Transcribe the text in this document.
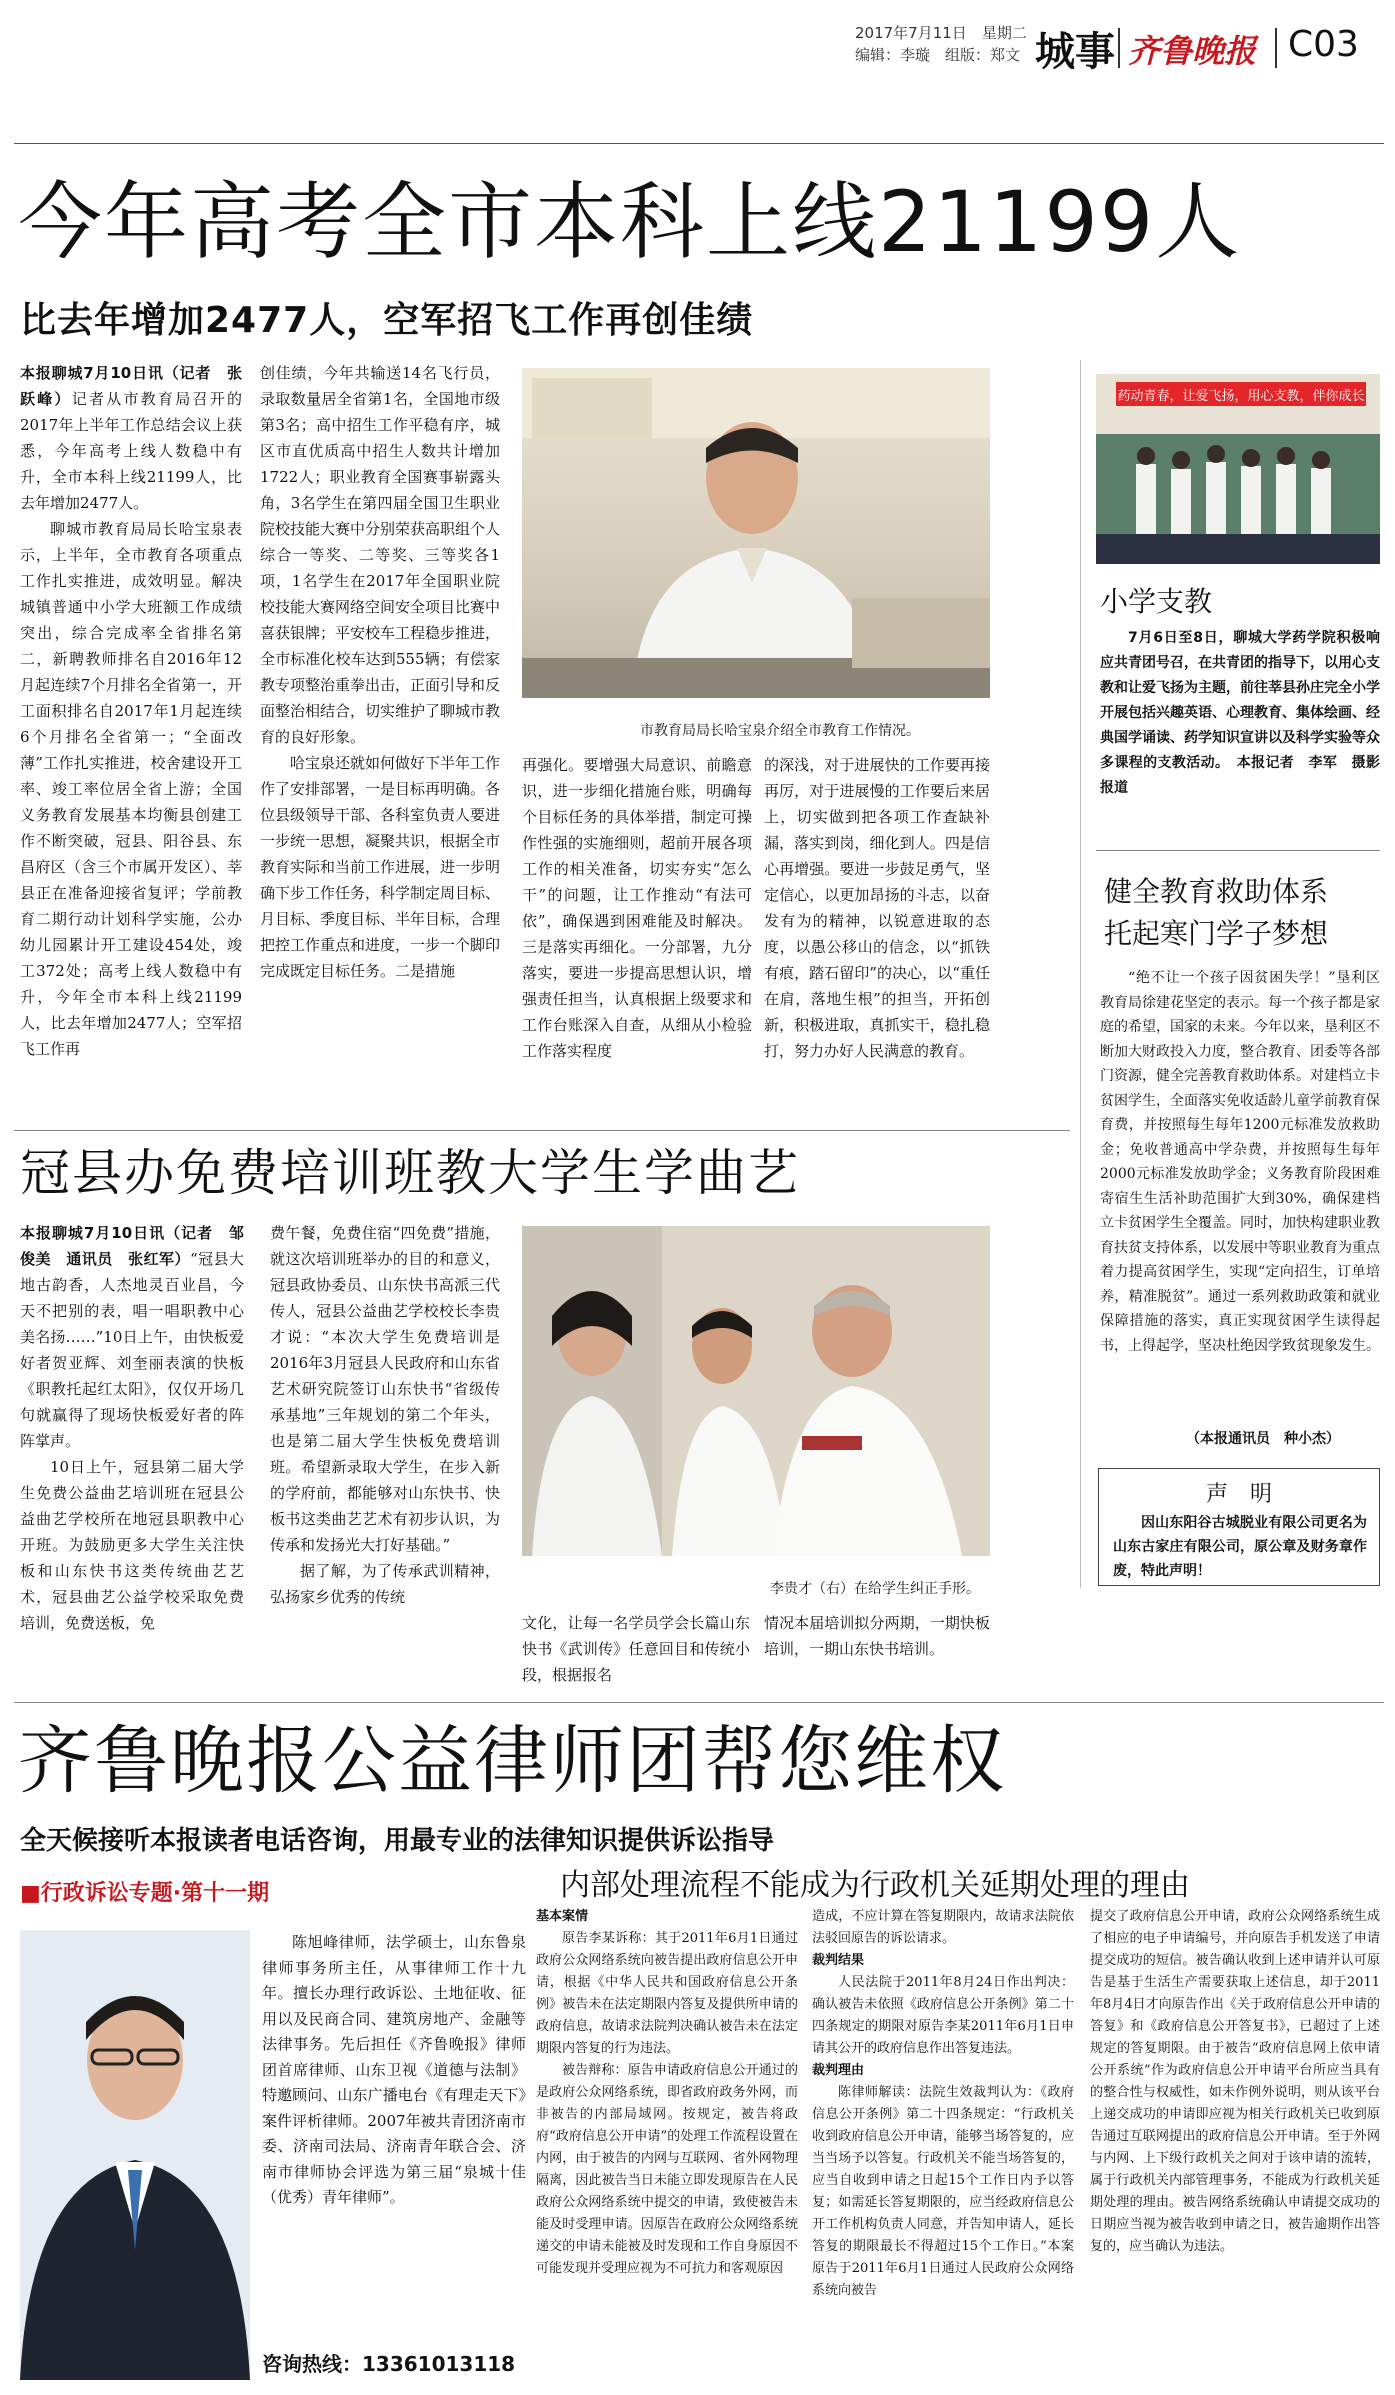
2017年7月11日　 星期二
编辑：李璇　 组版：郑文 城事 齐鲁晚报 C03
今年高考全市本科上线21199人
比去年增加2477人，空军招飞工作再创佳绩

本报聊城7月10日讯（记者　张跃峰）记者从市教育局召开的2017年上半年工作总结会议上获悉，今年高考上线人数稳中有升，全市本科上线21199人，比去年增加2477人。

聊城市教育局局长哈宝泉表示，上半年，全市教育各项重点工作扎实推进，成效明显。解决城镇普通中小学大班额工作成绩突出，综合完成率全省排名第二，新聘教师排名自2016年12月起连续7个月排名全省第一，开工面积排名自2017年1月起连续6个月排名全省第一；“全面改薄”工作扎实推进，校舍建设开工率、竣工率位居全省上游；全国义务教育发展基本均衡县创建工作不断突破，冠县、阳谷县、东昌府区（含三个市属开发区）、莘县正在准备迎接省复评；学前教育二期行动计划科学实施，公办幼儿园累计开工建设454处，竣工372处；高考上线人数稳中有升，今年全市本科上线21199人，比去年增加2477人；空军招飞工作再

创佳绩，今年共输送14名飞行员，录取数量居全省第1名，全国地市级第3名；高中招生工作平稳有序，城区市直优质高中招生人数共计增加1722人；职业教育全国赛事崭露头角，3名学生在第四届全国卫生职业院校技能大赛中分别荣获高职组个人综合一等奖、二等奖、三等奖各1项，1名学生在2017年全国职业院校技能大赛网络空间安全项目比赛中喜获银牌；平安校车工程稳步推进，全市标准化校车达到555辆；有偿家教专项整治重拳出击，正面引导和反面整治相结合，切实维护了聊城市教育的良好形象。

哈宝泉还就如何做好下半年工作作了安排部署，一是目标再明确。各位县级领导干部、各科室负责人要进一步统一思想，凝聚共识，根据全市教育实际和当前工作进展，进一步明确下步工作任务，科学制定周目标、月目标、季度目标、半年目标，合理把控工作重点和进度，一步一个脚印完成既定目标任务。二是措施

市教育局局长哈宝泉介绍全市教育工作情况。

再强化。要增强大局意识、前瞻意识，进一步细化措施台账，明确每个目标任务的具体举措，制定可操作性强的实施细则，超前开展各项工作的相关准备，切实夯实“怎么干”的问题，让工作推动“有法可依”，确保遇到困难能及时解决。三是落实再细化。一分部署，九分落实，要进一步提高思想认识，增强责任担当，认真根据上级要求和工作台账深入自查，从细从小检验工作落实程度

的深浅，对于进展快的工作要再接再厉，对于进展慢的工作要后来居上，切实做到把各项工作查缺补漏，落实到岗，细化到人。四是信心再增强。要进一步鼓足勇气，坚定信心，以更加昂扬的斗志，以奋发有为的精神，以锐意进取的态度，以愚公移山的信念，以“抓铁有痕，踏石留印”的决心，以“重任在肩，落地生根”的担当，开拓创新，积极进取，真抓实干，稳扎稳打，努力办好人民满意的教育。

药动青春，让爱飞扬，用心支教，伴你成长
小学支教

7月6日至8日，聊城大学药学院积极响应共青团号召，在共青团的指导下，以用心支教和让爱飞扬为主题，前往莘县孙庄完全小学开展包括兴趣英语、心理教育、集体绘画、经典国学诵读、药学知识宣讲以及科学实验等众多课程的支教活动。　 本报记者　李军　摄影报道

健全教育救助体系
托起寒门学子梦想

“绝不让一个孩子因贫困失学！”垦利区教育局徐建花坚定的表示。每一个孩子都是家庭的希望，国家的未来。今年以来，垦利区不断加大财政投入力度，整合教育、团委等各部门资源，健全完善教育救助体系。对建档立卡贫困学生，全面落实免收适龄儿童学前教育保育费，并按照每生每年1200元标准发放救助金；免收普通高中学杂费，并按照每生每年2000元标准发放助学金；义务教育阶段困难寄宿生生活补助范围扩大到30%，确保建档立卡贫困学生全覆盖。同时，加快构建职业教育扶贫支持体系，以发展中等职业教育为重点着力提高贫困学生，实现“定向招生，订单培养，精准脱贫”。通过一系列救助政策和就业保障措施的落实，真正实现贫困学生读得起书，上得起学，坚决杜绝因学致贫现象发生。

（本报通讯员　种小杰）
声　明

因山东阳谷古城脱业有限公司更名为山东古家庄有限公司，原公章及财务章作废，特此声明！

冠县办免费培训班教大学生学曲艺

本报聊城7月10日讯（记者　邹俊美　通讯员　张红军）“冠县大地古韵香，人杰地灵百业昌，今天不把别的表，唱一唱职教中心美名扬……”10日上午，由快板爱好者贺亚辉、刘奎丽表演的快板《职教托起红太阳》，仅仅开场几句就赢得了现场快板爱好者的阵阵掌声。

10日上午，冠县第二届大学生免费公益曲艺培训班在冠县公益曲艺学校所在地冠县职教中心开班。为鼓励更多大学生关注快板和山东快书这类传统曲艺艺术，冠县曲艺公益学校采取免费培训，免费送板，免

费午餐，免费住宿“四免费”措施，就这次培训班举办的目的和意义，冠县政协委员、山东快书高派三代传人，冠县公益曲艺学校校长李贵才说：“本次大学生免费培训是2016年3月冠县人民政府和山东省艺术研究院签订山东快书“省级传承基地”三年规划的第二个年头，也是第二届大学生快板免费培训班。希望新录取大学生，在步入新的学府前，都能够对山东快书、快板书这类曲艺艺术有初步认识，为传承和发扬光大打好基础。”

据了解，为了传承武训精神，弘扬家乡优秀的传统	李贵才（右）在给学生纠正手形。

文化，让每一名学员学会长篇山东快书《武训传》任意回目和传统小段，根据报名

情况本届培训拟分两期，一期快板培训，一期山东快书培训。

齐鲁晚报公益律师团帮您维权
全天候接听本报读者电话咨询，用最专业的法律知识提供诉讼指导
■行政诉讼专题·第十一期	内部处理流程不能成为行政机关延期处理的理由

陈旭峰律师，法学硕士，山东鲁泉律师事务所主任，从事律师工作十九年。擅长办理行政诉讼、土地征收、征用以及民商合同、建筑房地产、金融等法律事务。先后担任《齐鲁晚报》律师团首席律师、山东卫视《道德与法制》特邀顾问、山东广播电台《有理走天下》案件评析律师。2007年被共青团济南市委、济南司法局、济南青年联合会、济南市律师协会评选为第三届“泉城十佳（优秀）青年律师”。

咨询热线：13361013118

基本案情

原告李某诉称：其于2011年6月1日通过政府公众网络系统向被告提出政府信息公开申请，根据《中华人民共和国政府信息公开条例》被告未在法定期限内答复及提供所申请的政府信息，故请求法院判决确认被告未在法定期限内答复的行为违法。

被告辩称：原告申请政府信息公开通过的是政府公众网络系统，即省政府政务外网，而非被告的内部局域网。按规定，被告将政府“政府信息公开申请”的处理工作流程设置在内网，由于被告的内网与互联网、省外网物理隔离，因此被告当日未能立即发现原告在人民政府公众网络系统中提交的申请，致使被告未能及时受理申请。因原告在政府公众网络系统递交的申请未能被及时发现和工作自身原因不可能发现并受理应视为不可抗力和客观原因

造成，不应计算在答复期限内，故请求法院依法驳回原告的诉讼请求。

裁判结果

人民法院于2011年8月24日作出判决：确认被告未依照《政府信息公开条例》第二十四条规定的期限对原告李某2011年6月1日申请其公开的政府信息作出答复违法。

裁判理由

陈律师解读：法院生效裁判认为：《政府信息公开条例》第二十四条规定：“行政机关收到政府信息公开申请，能够当场答复的，应当当场予以答复。行政机关不能当场答复的，应当自收到申请之日起15个工作日内予以答复；如需延长答复期限的，应当经政府信息公开工作机构负责人同意，并告知申请人，延长答复的期限最长不得超过15个工作日。”本案原告于2011年6月1日通过人民政府公众网络系统向被告

提交了政府信息公开申请，政府公众网络系统生成了相应的电子申请编号，并向原告手机发送了申请提交成功的短信。被告确认收到上述申请并认可原告是基于生活生产需要获取上述信息，却于2011年8月4日才向原告作出《关于政府信息公开申请的答复》和《政府信息公开答复书》，已超过了上述规定的答复期限。由于被告“政府信息网上依申请公开系统”作为政府信息公开申请平台所应当具有的整合性与权威性，如未作例外说明，则从该平台上递交成功的申请即应视为相关行政机关已收到原告通过互联网提出的政府信息公开申请。至于外网与内网、上下级行政机关之间对于该申请的流转，属于行政机关内部管理事务，不能成为行政机关延期处理的理由。被告网络系统确认申请提交成功的日期应当视为被告收到申请之日，被告逾期作出答复的，应当确认为违法。
